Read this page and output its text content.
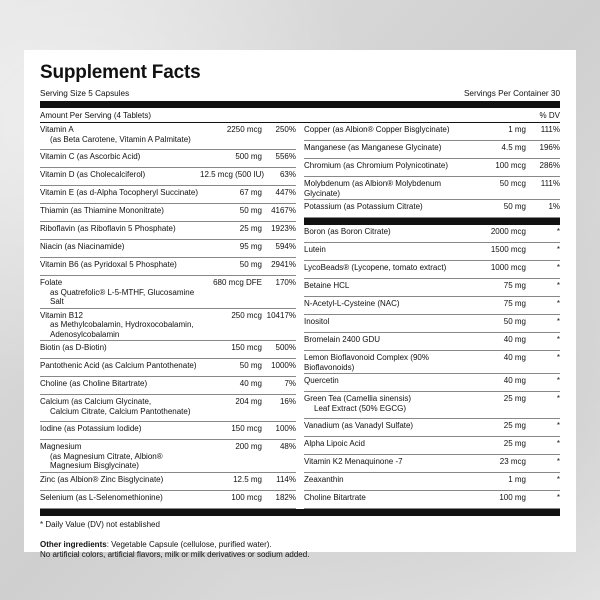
Supplement Facts
Serving Size 5 Capsules	Servings Per Container 30
Amount Per Serving (4 Tablets)	% DV
Vitamin A
(as Beta Carotene, Vitamin A Palmitate)
2250 mcg	250%
Vitamin C (as Ascorbic Acid)	500 mg	556%
Vitamin D (as Cholecalciferol)	12.5 mcg (500 IU)	63%
Vitamin E (as d-Alpha Tocopheryl Succinate)	67 mg	447%
Thiamin (as Thiamine Mononitrate)	50 mg	4167%
Riboflavin (as Riboflavin 5 Phosphate)	25 mg	1923%
Niacin (as Niacinamide)	95 mg	594%
Vitamin B6 (as Pyridoxal 5 Phosphate)	50 mg	2941%
Folate
as Quatrefolic® L-5-MTHF, Glucosamine Salt
680 mcg DFE	170%
Vitamin B12
as Methylcobalamin, Hydroxocobalamin, Adenosylcobalamin
250 mcg 10417%
Biotin (as D-Biotin)	150 mcg	500%
Pantothenic Acid (as Calcium Pantothenate)	50 mg	1000%
Choline (as Choline Bitartrate)	40 mg	7%
Calcium (as Calcium Glycinate,
Calcium Citrate, Calcium Pantothenate)
204 mg	16%
Iodine (as Potassium Iodide)	150 mcg	100%
Magnesium
(as Magnesium Citrate, Albion® Magnesium Bisglycinate)
200 mg	48%
Zinc (as Albion® Zinc Bisglycinate)	12.5 mg	114%
Selenium (as L-Selenomethionine)	100 mcg	182%
Copper (as Albion® Copper Bisglycinate)	1 mg	111%
Manganese (as Manganese Glycinate)	4.5 mg	196%
Chromium (as Chromium Polynicotinate)	100 mcg	286%
Molybdenum (as Albion® Molybdenum Glycinate)
50 mcg	111%
Potassium (as Potassium Citrate)	50 mg	1%
Boron (as Boron Citrate)	2000 mcg	*
Lutein	1500 mcg	*
LycoBeads® (Lycopene, tomato extract)	1000 mcg	*
Betaine HCL	75 mg	*
N-Acetyl-L-Cysteine (NAC)	75 mg	*
Inositol	50 mg	*
Bromelain 2400 GDU	40 mg	*
Lemon Bioflavonoid Complex (90% Bioflavonoids)
40 mg	*
Quercetin	40 mg	*
Green Tea (Camellia sinensis)
Leaf Extract (50% EGCG)
25 mg	*
Vanadium (as Vanadyl Sulfate)	25 mg	*
Alpha Lipoic Acid	25 mg	*
Vitamin K2 Menaquinone -7	23 mcg	*
Zeaxanthin	1 mg	*
Choline Bitartrate	100 mg	*
* Daily Value (DV) not established
Other ingredients: Vegetable Capsule (cellulose, purified water).
No artificial colors, artificial flavors, milk or milk derivatives or sodium added.
